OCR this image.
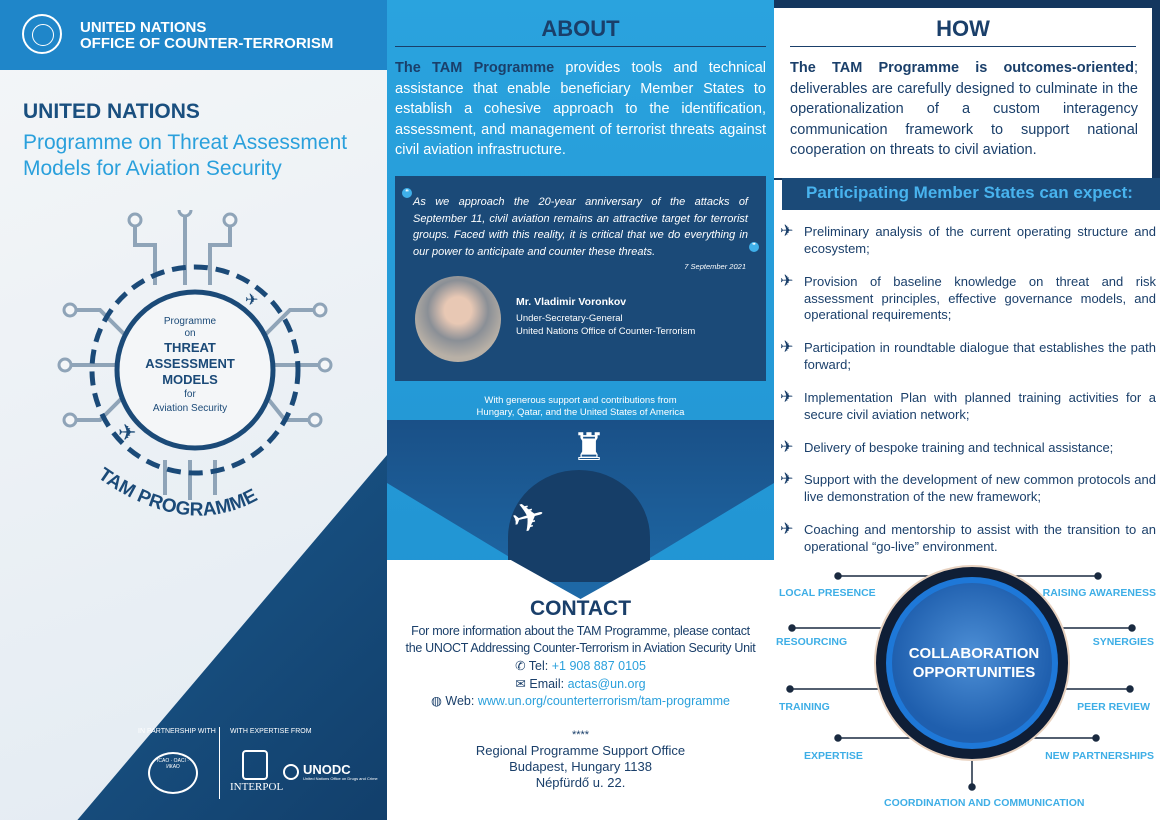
UNITED NATIONS
OFFICE OF COUNTER-TERRORISM
UNITED NATIONS
Programme on Threat Assessment Models for Aviation Security
✈
✈
Programme
on
THREAT
ASSESSMENT
MODELS
for
Aviation Security
TAM PROGRAMME
IN PARTNERSHIP WITH WITH EXPERTISE FROM
ICAO · OACI · ИКАО
INTERPOL
UNODC
United Nations Office on Drugs and Crime
ABOUT
The TAM Programme provides tools and technical assistance that enable beneficiary Member States to establish a cohesive approach to the identification, assessment, and management of terrorist threats against civil aviation infrastructure.
❝
As we approach the 20-year anniversary of the attacks of September 11, civil aviation remains an attractive target for terrorist groups. Faced with this reality, it is critical that we do everything in our power to anticipate and counter these threats.	❞
7 September 2021
Mr. Vladimir Voronkov
Under-Secretary-General
United Nations Office of Counter-Terrorism
With generous support and contributions from
Hungary, Qatar, and the United States of America
♜
✈
CONTACT
For more information about the TAM Programme, please contact
the UNOCT Addressing Counter-Terrorism in Aviation Security Unit
✆ Tel: +1 908 887 0105
✉ Email: actas@un.org
◍ Web: www.un.org/counterterrorism/tam-programme
****
Regional Programme Support Office
Budapest, Hungary 1138
Népfürdő u. 22.
HOW
The TAM Programme is outcomes-oriented; deliverables are carefully designed to culminate in the operationalization of a custom interagency communication framework to support national cooperation on threats to civil aviation.
Participating Member States can expect:
✈ Preliminary analysis of the current operating structure and ecosystem;
✈ Provision of baseline knowledge on threat and risk assessment principles, effective governance models, and operational requirements;
✈ Participation in roundtable dialogue that establishes the path forward;
✈ Implementation Plan with planned training activities for a secure civil aviation network;
✈ Delivery of bespoke training and technical assistance;
✈ Support with the development of new common protocols and live demonstration of the new framework;
✈ Coaching and mentorship to assist with the transition to an operational “go-live” environment.
COLLABORATION
OPPORTUNITIES
LOCAL PRESENCE	RAISING AWARENESS
RESOURCING	SYNERGIES
TRAINING	PEER REVIEW
EXPERTISE	NEW PARTNERSHIPS
COORDINATION AND COMMUNICATION
